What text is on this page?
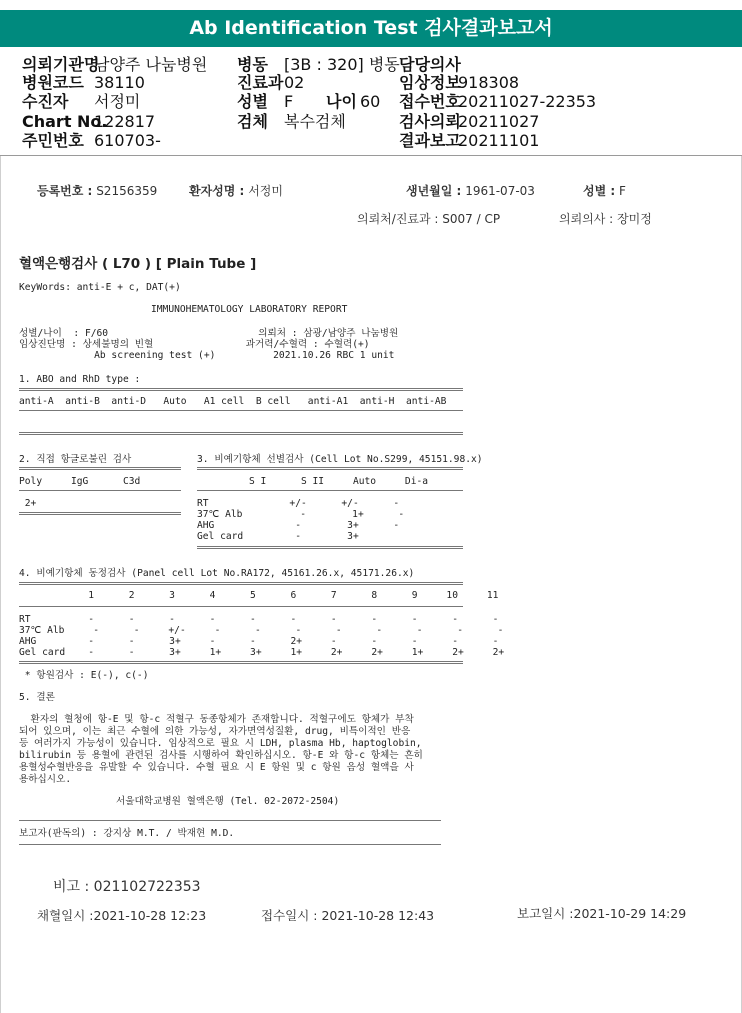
Ab Identification Test 검사결과보고서
의뢰기관명
남양주 나눔병원 병동 [3B : 320] 병동 담당의사
병원코드 38110	진료과 02	임상정보
918308
수진자 서정미	성별 F 나이 60 접수번호
20211027-22353
Chart No.
122817	검체 복수검체	검사의뢰
20211027
주민번호 610703-	결과보고
20211101
등록번호 : S2156359	환자성명 : 서정미	생년월일 : 1961-07-03	성별 : F
의뢰처/진료과 : S007 / CP	의뢰의사 : 장미정
혈액은행검사 ( L70 ) [ Plain Tube ]
KeyWords: anti-E + c, DAT(+)
IMMUNOHEMATOLOGY LABORATORY REPORT
성별/나이  : F/60                          의뢰처 : 삼광/남양주 나눔병원
임상진단명 : 상세불명의 빈혈                과거력/수혈력 : 수혈력(+)
Ab screening test (+)          2021.10.26 RBC 1 unit
1. ABO and RhD type :
anti-A  anti-B  anti-D   Auto   A1 cell  B cell   anti-A1  anti-H  anti-AB
2. 직접 항글로불린 검사
Poly     IgG      C3d
2+
3. 비예기항체 선별검사 (Cell Lot No.S299, 45151.98.x)
S I      S II     Auto     Di-a
RT              +/-      +/-      -
37℃ Alb          -        1+      -
AHG              -        3+      -
Gel card         -        3+
4. 비예기항체 동정검사 (Panel cell Lot No.RA172, 45161.26.x, 45171.26.x)
1      2      3      4      5      6      7      8      9     10     11
RT          -      -      -      -      -      -      -      -      -      -      -
37℃ Alb     -      -     +/-     -      -      -      -      -      -      -      -
AHG         -      -      3+     -      -      2+     -      -      -      -      -
Gel card    -      -      3+     1+     3+     1+     2+     2+     1+     2+     2+
* 항원검사 : E(-), c(-)
5. 결론
환자의 혈청에 항-E 및 항-c 적혈구 동종항체가 존재합니다. 적혈구에도 항체가 부착
되어 있으며, 이는 최근 수혈에 의한 가능성, 자가면역성질환, drug, 비특이적인 반응
등 여러가지 가능성이 있습니다. 임상적으로 필요 시 LDH, plasma Hb, haptoglobin,
bilirubin 등 용혈에 관련된 검사를 시행하여 확인하십시오. 항-E 와 항-c 항체는 흔히
용혈성수혈반응을 유발할 수 있습니다. 수혈 필요 시 E 항원 및 c 항원 음성 혈액을 사
용하십시오.
서울대학교병원 혈액은행 (Tel. 02-2072-2504)
보고자(판독의) : 강지상 M.T. / 박재현 M.D.
비고 : 021102722353
채혈일시 :2021-10-28 12:23	접수일시 : 2021-10-28 12:43	보고일시 :2021-10-29 14:29
